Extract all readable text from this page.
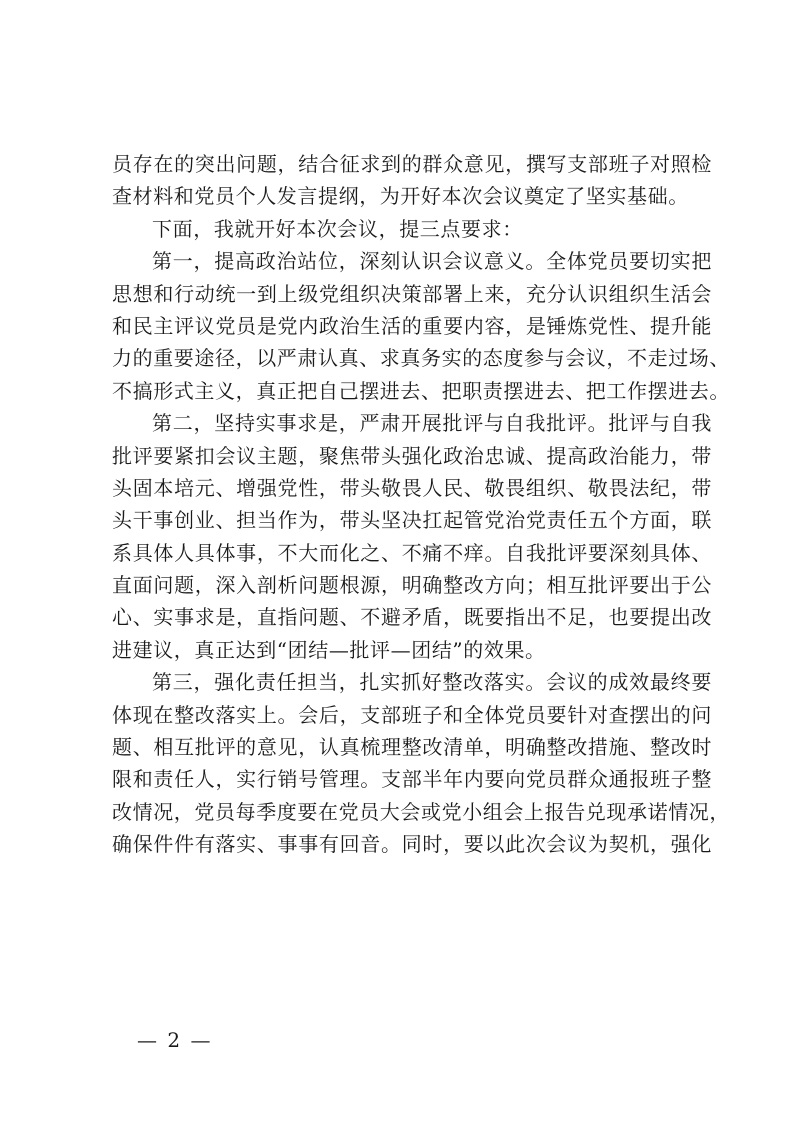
员存在的突出问题，结合征求到的群众意见，撰写支部班子对照检
查材料和党员个人发言提纲，为开好本次会议奠定了坚实基础。
下面，我就开好本次会议，提三点要求：
第一，提高政治站位，深刻认识会议意义。全体党员要切实把
思想和行动统一到上级党组织决策部署上来，充分认识组织生活会
和民主评议党员是党内政治生活的重要内容，是锤炼党性、提升能
力的重要途径，以严肃认真、求真务实的态度参与会议，不走过场、
不搞形式主义，真正把自己摆进去、把职责摆进去、把工作摆进去。
第二，坚持实事求是，严肃开展批评与自我批评。批评与自我
批评要紧扣会议主题，聚焦带头强化政治忠诚、提高政治能力，带
头固本培元、增强党性，带头敬畏人民、敬畏组织、敬畏法纪，带
头干事创业、担当作为，带头坚决扛起管党治党责任五个方面，联
系具体人具体事，不大而化之、不痛不痒。自我批评要深刻具体、
直面问题，深入剖析问题根源，明确整改方向；相互批评要出于公
心、实事求是，直指问题、不避矛盾，既要指出不足，也要提出改
进建议，真正达到“团结—批评—团结”的效果。
第三，强化责任担当，扎实抓好整改落实。会议的成效最终要
体现在整改落实上。会后，支部班子和全体党员要针对查摆出的问
题、相互批评的意见，认真梳理整改清单，明确整改措施、整改时
限和责任人，实行销号管理。支部半年内要向党员群众通报班子整
改情况，党员每季度要在党员大会或党小组会上报告兑现承诺情况，
确保件件有落实、事事有回音。同时，要以此次会议为契机，强化
— 2 —
